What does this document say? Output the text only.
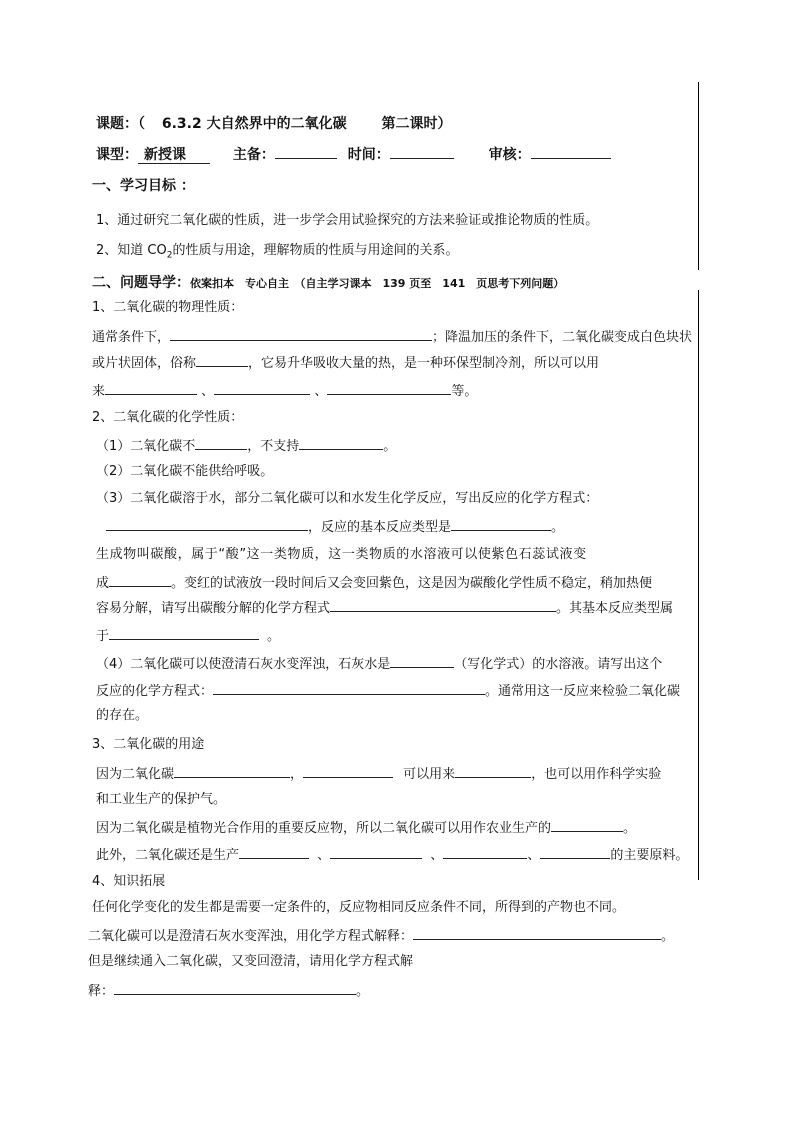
课题：（ 6.3.2 大自然界中的二氧化碳 第二课时）
课型： 新授课	主备：	时间：	审核：
一、学习目标 ：
1、通过研究二氧化碳的性质，进一步学会用试验探究的方法来验证或推论物质的性质。
2、知道 $CO_2$的性质与用途，理解物质的性质与用途间的关系。
二、问题导学：依案扣本　专心自主　（自主学习课本　139 页至　141　页思考下列问题）
1、二氧化碳的物理性质：
通常条件下，	；降温加压的条件下，二氧化碳变成白色块状
或片状固体，俗称	，它易升华吸收大量的热，是一种环保型制冷剂，所以可以用
来	、	、	等。
2、二氧化碳的化学性质：
（1）二氧化碳不	，不支持	。
（2）二氧化碳不能供给呼吸。
（3）二氧化碳溶于水，部分二氧化碳可以和水发生化学反应，写出反应的化学方程式：
，反应的基本反应类型是	。
生成物叫碳酸，属于“酸”这一类物质，这一类物质的水溶液可以使紫色石蕊试液变
成	。变红的试液放一段时间后又会变回紫色，这是因为碳酸化学性质不稳定，稍加热便
容易分解，请写出碳酸分解的化学方程式	。其基本反应类型属
于	。
（4）二氧化碳可以使澄清石灰水变浑浊，石灰水是	（写化学式）的水溶液。请写出这个
反应的化学方程式：	。通常用这一反应来检验二氧化碳
的存在。
3、二氧化碳的用途
因为二氧化碳	，	可以用来	，也可以用作科学实验
和工业生产的保护气。
因为二氧化碳是植物光合作用的重要反应物，所以二氧化碳可以用作农业生产的	。
此外，二氧化碳还是生产	、	、	、	的主要原料。
4、知识拓展
任何化学变化的发生都是需要一定条件的，反应物相同反应条件不同，所得到的产物也不同。
二氧化碳可以是澄清石灰水变浑浊，用化学方程式解释：	。
但是继续通入二氧化碳，又变回澄清，请用化学方程式解
释：	。
